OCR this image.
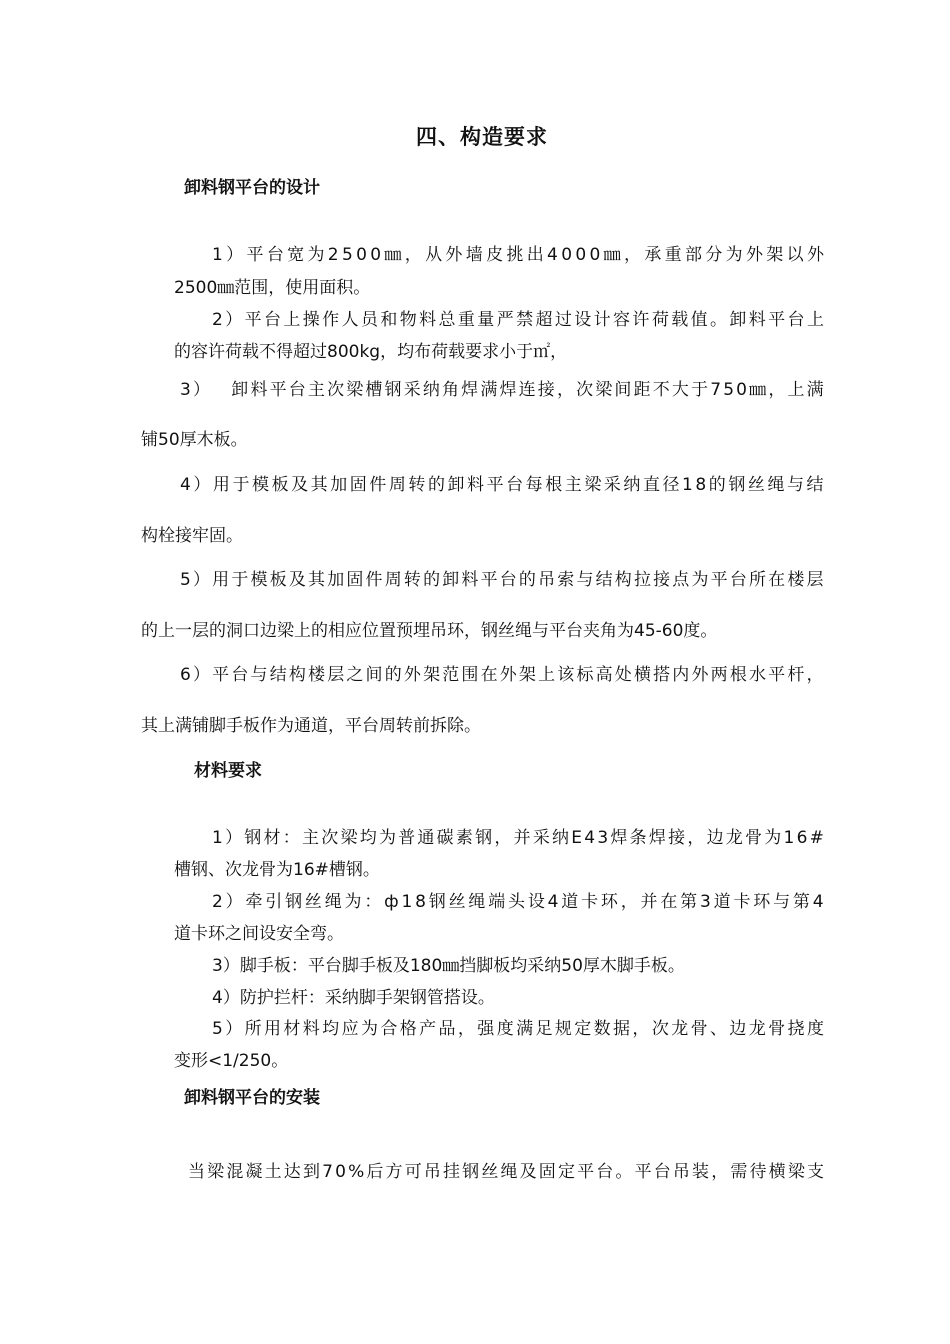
四、构造要求
卸料钢平台的设计
1 ） 平 台 宽 为 2 5 0 0 ㎜ ， 从 外 墙 皮 挑 出 4 0 0 0 ㎜ ， 承 重 部 分 为 外 架 以 外
2500㎜范围，使用面积。
2 ） 平 台 上 操 作 人 员 和 物 料 总 重 量 严 禁 超 过 设 计 容 许 荷 载 值 。 卸 料 平 台 上
的容许荷载不得超过800kg，均布荷载要求小于㎡，
3 ）
　 卸 料 平 台 主 次 梁 槽 钢 采 纳 角 焊 满 焊 连 接 ， 次 梁 间 距 不 大 于 7 5 0 ㎜ ， 上 满
铺50厚木板。
4 ） 用 于 模 板 及 其 加 固 件 周 转 的 卸 料 平 台 每 根 主 梁 采 纳 直 径 1 8 的 钢 丝 绳 与 结
构栓接牢固。
5 ） 用 于 模 板 及 其 加 固 件 周 转 的 卸 料 平 台 的 吊 索 与 结 构 拉 接 点 为 平 台 所 在 楼 层
的上一层的洞口边梁上的相应位置预埋吊环，钢丝绳与平台夹角为45-60度。
6 ） 平 台 与 结 构 楼 层 之 间 的 外 架 范 围 在 外 架 上 该 标 高 处 横 搭 内 外 两 根 水 平 杆 ，
其上满铺脚手板作为通道，平台周转前拆除。
材料要求
1 ） 钢 材 ： 主 次 梁 均 为 普 通 碳 素 钢 ， 并 采 纳 E 4 3 焊 条 焊 接 ， 边 龙 骨 为 1 6 #
槽钢、次龙骨为16#槽钢。
2 ） 牵 引 钢 丝 绳 为 ： ф 1 8 钢 丝 绳 端 头 设 4 道 卡 环 ， 并 在 第 3 道 卡 环 与 第 4
道卡环之间设安全弯。
3）脚手板：平台脚手板及180㎜挡脚板均采纳50厚木脚手板。
4）防护拦杆：采纳脚手架钢管搭设。
5 ） 所 用 材 料 均 应 为 合 格 产 品 ， 强 度 满 足 规 定 数 据 ， 次 龙 骨 、 边 龙 骨 挠 度
变形<1/250。
卸料钢平台的安装
当 梁 混 凝 土 达 到 7 0 % 后 方 可 吊 挂 钢 丝 绳 及 固 定 平 台 。 平 台 吊 装 ， 需 待 横 梁 支
